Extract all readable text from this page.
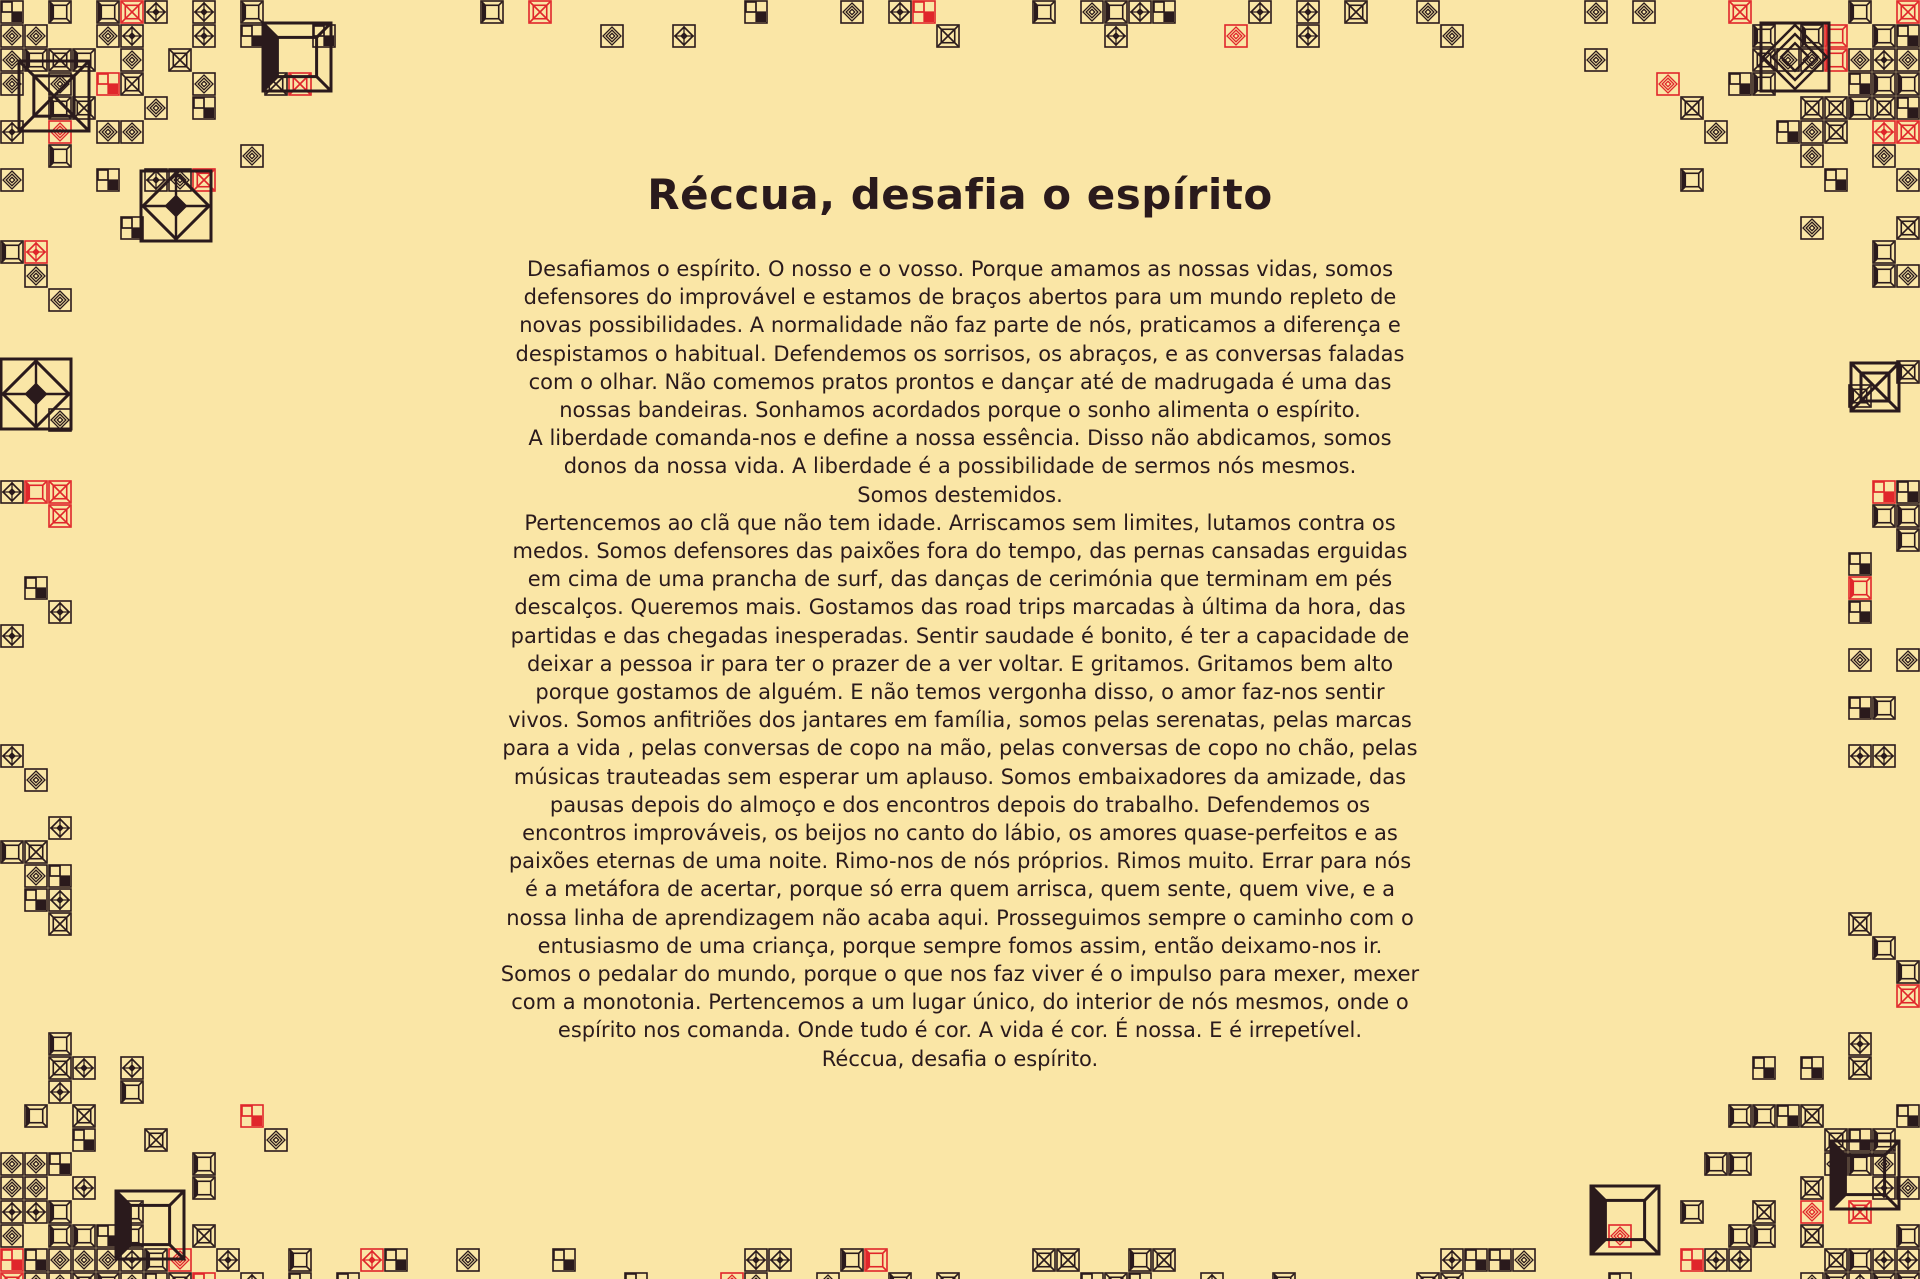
Réccua, desafia o espírito

Desafiamos o espírito. O nosso e o vosso. Porque amamos as nossas vidas, somos
defensores do improvável e estamos de braços abertos para um mundo repleto de
novas possibilidades. A normalidade não faz parte de nós, praticamos a diferença e
despistamos o habitual. Defendemos os sorrisos, os abraços, e as conversas faladas
com o olhar. Não comemos pratos prontos e dançar até de madrugada é uma das
nossas bandeiras. Sonhamos acordados porque o sonho alimenta o espírito.
A liberdade comanda-nos e define a nossa essência. Disso não abdicamos, somos
donos da nossa vida. A liberdade é a possibilidade de sermos nós mesmos.
Somos destemidos.
Pertencemos ao clã que não tem idade. Arriscamos sem limites, lutamos contra os
medos. Somos defensores das paixões fora do tempo, das pernas cansadas erguidas
em cima de uma prancha de surf, das danças de cerimónia que terminam em pés
descalços. Queremos mais. Gostamos das road trips marcadas à última da hora, das
partidas e das chegadas inesperadas. Sentir saudade é bonito, é ter a capacidade de
deixar a pessoa ir para ter o prazer de a ver voltar. E gritamos. Gritamos bem alto
porque gostamos de alguém. E não temos vergonha disso, o amor faz-nos sentir
vivos. Somos anfitriões dos jantares em família, somos pelas serenatas, pelas marcas
para a vida , pelas conversas de copo na mão, pelas conversas de copo no chão, pelas
músicas trauteadas sem esperar um aplauso. Somos embaixadores da amizade, das
pausas depois do almoço e dos encontros depois do trabalho. Defendemos os
encontros improváveis, os beijos no canto do lábio, os amores quase-perfeitos e as
paixões eternas de uma noite. Rimo-nos de nós próprios. Rimos muito. Errar para nós
é a metáfora de acertar, porque só erra quem arrisca, quem sente, quem vive, e a
nossa linha de aprendizagem não acaba aqui. Prosseguimos sempre o caminho com o
entusiasmo de uma criança, porque sempre fomos assim, então deixamo-nos ir.
Somos o pedalar do mundo, porque o que nos faz viver é o impulso para mexer, mexer
com a monotonia. Pertencemos a um lugar único, do interior de nós mesmos, onde o
espírito nos comanda. Onde tudo é cor. A vida é cor. É nossa. E é irrepetível.
Réccua, desafia o espírito.
